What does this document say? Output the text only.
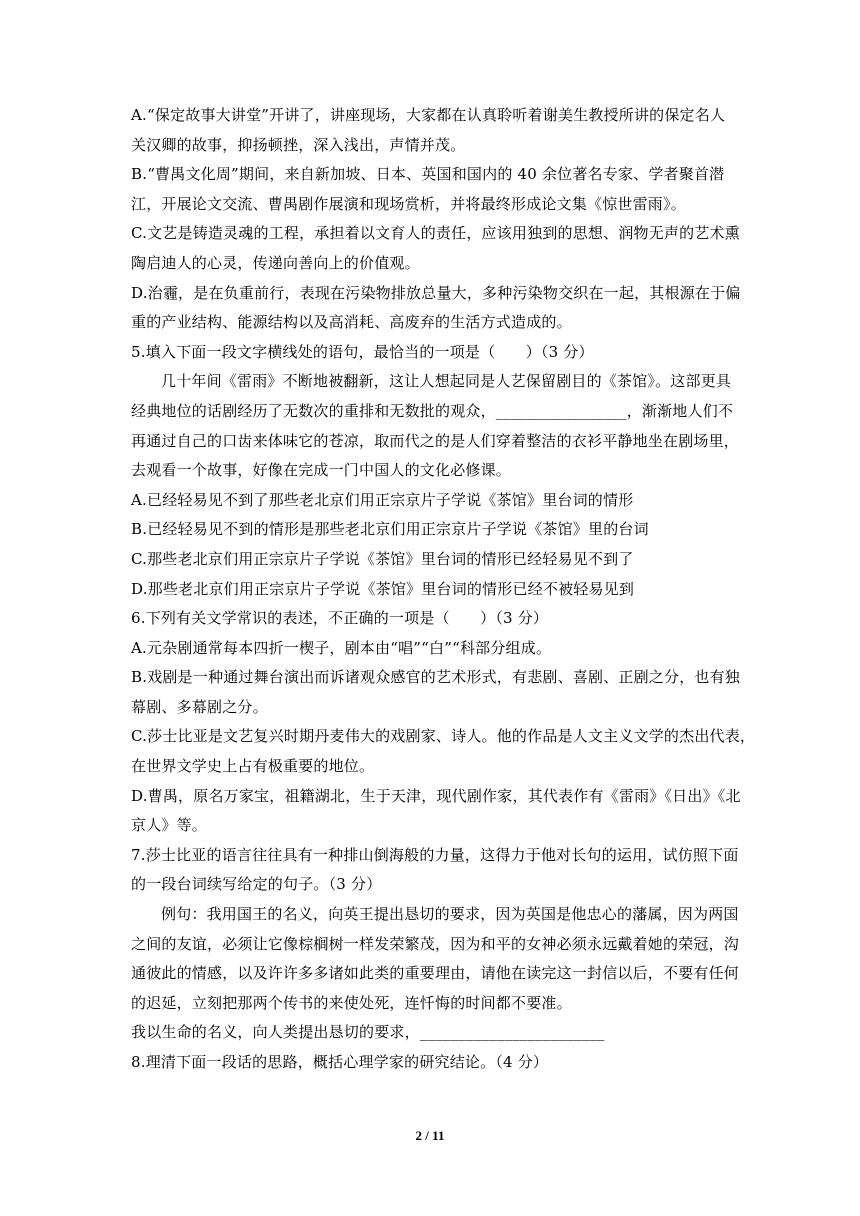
A.“保定故事大讲堂”开讲了，讲座现场，大家都在认真聆听着谢美生教授所讲的保定名人
关汉卿的故事，抑扬顿挫，深入浅出，声情并茂。
B.“曹禺文化周”期间，来自新加坡、日本、英国和国内的 40 余位著名专家、学者聚首潜
江，开展论文交流、曹禺剧作展演和现场赏析，并将最终形成论文集《惊世雷雨》。
C.文艺是铸造灵魂的工程，承担着以文育人的责任，应该用独到的思想、润物无声的艺术熏
陶启迪人的心灵，传递向善向上的价值观。
D.治霾，是在负重前行，表现在污染物排放总量大，多种污染物交织在一起，其根源在于偏
重的产业结构、能源结构以及高消耗、高废弃的生活方式造成的。
5.填入下面一段文字横线处的语句，最恰当的一项是（　　）（3 分）
几十年间《雷雨》不断地被翻新，这让人想起同是人艺保留剧目的《茶馆》。这部更具
经典地位的话剧经历了无数次的重排和无数批的观众，_________________，渐渐地人们不
再通过自己的口齿来体味它的苍凉，取而代之的是人们穿着整洁的衣衫平静地坐在剧场里，
去观看一个故事，好像在完成一门中国人的文化必修课。
A.已经轻易见不到了那些老北京们用正宗京片子学说《茶馆》里台词的情形
B.已经轻易见不到的情形是那些老北京们用正宗京片子学说《茶馆》里的台词
C.那些老北京们用正宗京片子学说《茶馆》里台词的情形已经轻易见不到了
D.那些老北京们用正宗京片子学说《茶馆》里台词的情形已经不被轻易见到
6.下列有关文学常识的表述，不正确的一项是（　　）（3 分）
A.元杂剧通常每本四折一楔子，剧本由“唱”“白”“科部分组成。
B.戏剧是一种通过舞台演出而诉诸观众感官的艺术形式，有悲剧、喜剧、正剧之分，也有独
幕剧、多幕剧之分。
C.莎士比亚是文艺复兴时期丹麦伟大的戏剧家、诗人。他的作品是人文主义文学的杰出代表，
在世界文学史上占有极重要的地位。
D.曹禺，原名万家宝，祖籍湖北，生于天津，现代剧作家，其代表作有《雷雨》《日出》《北
京人》等。
7.莎士比亚的语言往往具有一种排山倒海般的力量，这得力于他对长句的运用，试仿照下面
的一段台词续写给定的句子。（3 分）
例句：我用国王的名义，向英王提出恳切的要求，因为英国是他忠心的藩属，因为两国
之间的友谊，必须让它像棕榈树一样发荣繁茂，因为和平的女神必须永远戴着她的荣冠，沟
通彼此的情感，以及许许多多诸如此类的重要理由，请他在读完这一封信以后，不要有任何
的迟延，立刻把那两个传书的来使处死，连忏悔的时间都不要准。
我以生命的名义，向人类提出恳切的要求，________________________
8.理清下面一段话的思路，概括心理学家的研究结论。（4 分）
2 / 11
